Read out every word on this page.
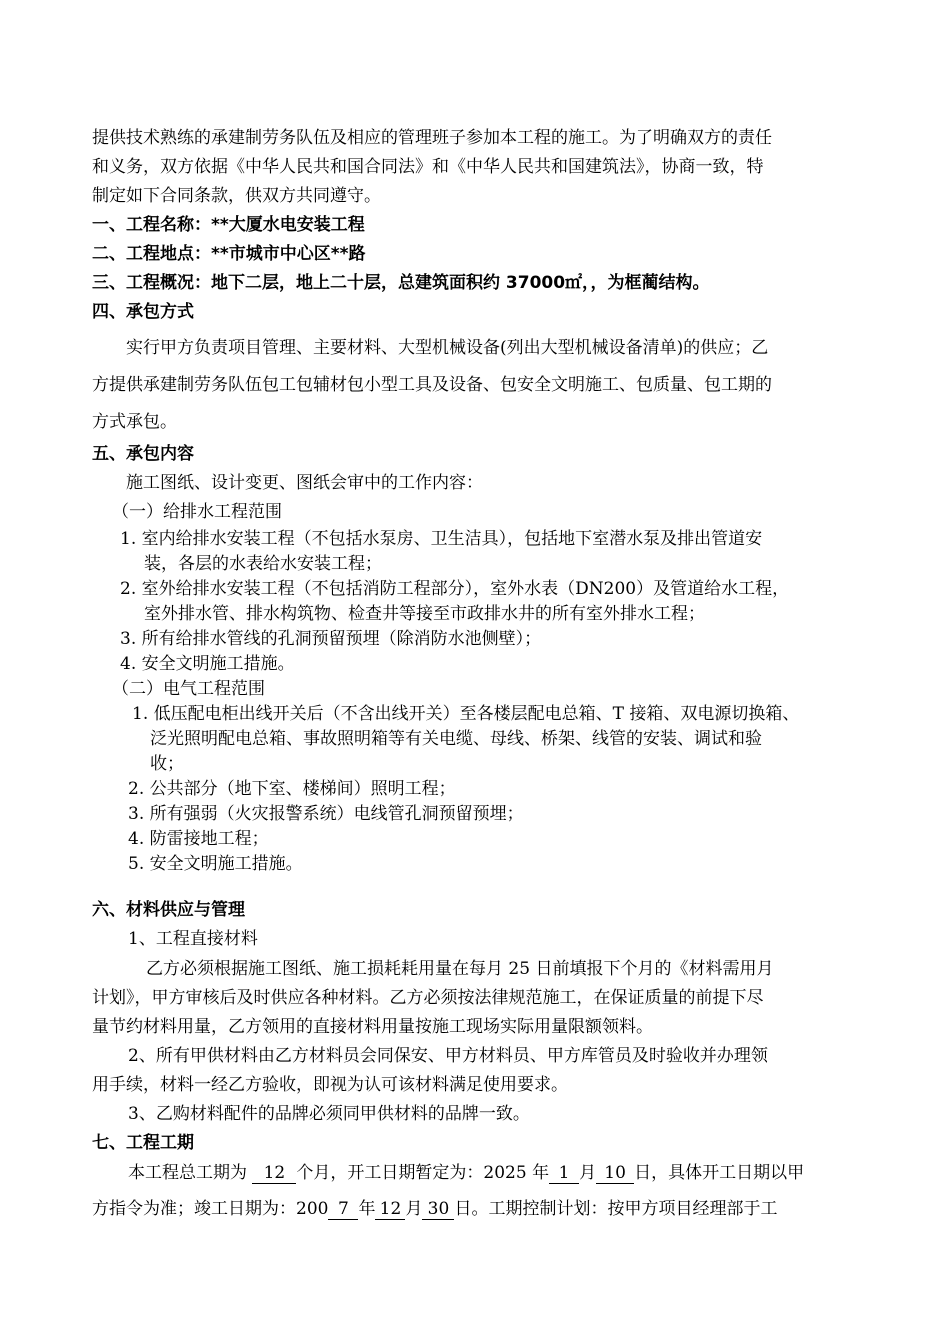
提供技术熟练的承建制劳务队伍及相应的管理班子参加本工程的施工。为了明确双方的责任
和义务，双方依据《中华人民共和国合同法》和《中华人民共和国建筑法》，协商一致，特
制定如下合同条款，供双方共同遵守。
一、工程名称：**大厦水电安装工程
二、工程地点：**市城市中心区**路
三、工程概况：地下二层，地上二十层，总建筑面积约 37000㎡，，为框蔺结构。
四、承包方式
实行甲方负责项目管理、主要材料、大型机械设备(列出大型机械设备清单)的供应；乙
方提供承建制劳务队伍包工包辅材包小型工具及设备、包安全文明施工、包质量、包工期的
方式承包。
五、承包内容
施工图纸、设计变更、图纸会审中的工作内容：
（一）给排水工程范围
1. 室内给排水安装工程（不包括水泵房、卫生洁具），包括地下室潜水泵及排出管道安
装，各层的水表给水安装工程；
2. 室外给排水安装工程（不包括消防工程部分），室外水表（DN200）及管道给水工程，
室外排水管、排水构筑物、检查井等接至市政排水井的所有室外排水工程；
3. 所有给排水管线的孔洞预留预埋（除消防水池侧壁）；
4. 安全文明施工措施。
（二）电气工程范围
1. 低压配电柜出线开关后（不含出线开关）至各楼层配电总箱、T 接箱、双电源切换箱、
泛光照明配电总箱、事故照明箱等有关电缆、母线、桥架、线管的安装、调试和验
收；
2. 公共部分（地下室、楼梯间）照明工程；
3. 所有强弱（火灾报警系统）电线管孔洞预留预埋；
4. 防雷接地工程；
5. 安全文明施工措施。
六、材料供应与管理
1、工程直接材料
乙方必须根据施工图纸、施工损耗耗用量在每月 25 日前填报下个月的《材料需用月
计划》，甲方审核后及时供应各种材料。乙方必须按法律规范施工，在保证质量的前提下尽
量节约材料用量，乙方领用的直接材料用量按施工现场实际用量限额领料。
2、所有甲供材料由乙方材料员会同保安、甲方材料员、甲方库管员及时验收并办理领
用手续，材料一经乙方验收，即视为认可该材料满足使用要求。
3、乙购材料配件的品牌必须同甲供材料的品牌一致。
七、工程工期
本工程总工期为 12 个月，开工日期暂定为：2025 年 1 月 10 日，具体开工日期以甲
方指令为准；竣工日期为：200 7 年 12 月 30 日。工期控制计划：按甲方项目经理部于工
